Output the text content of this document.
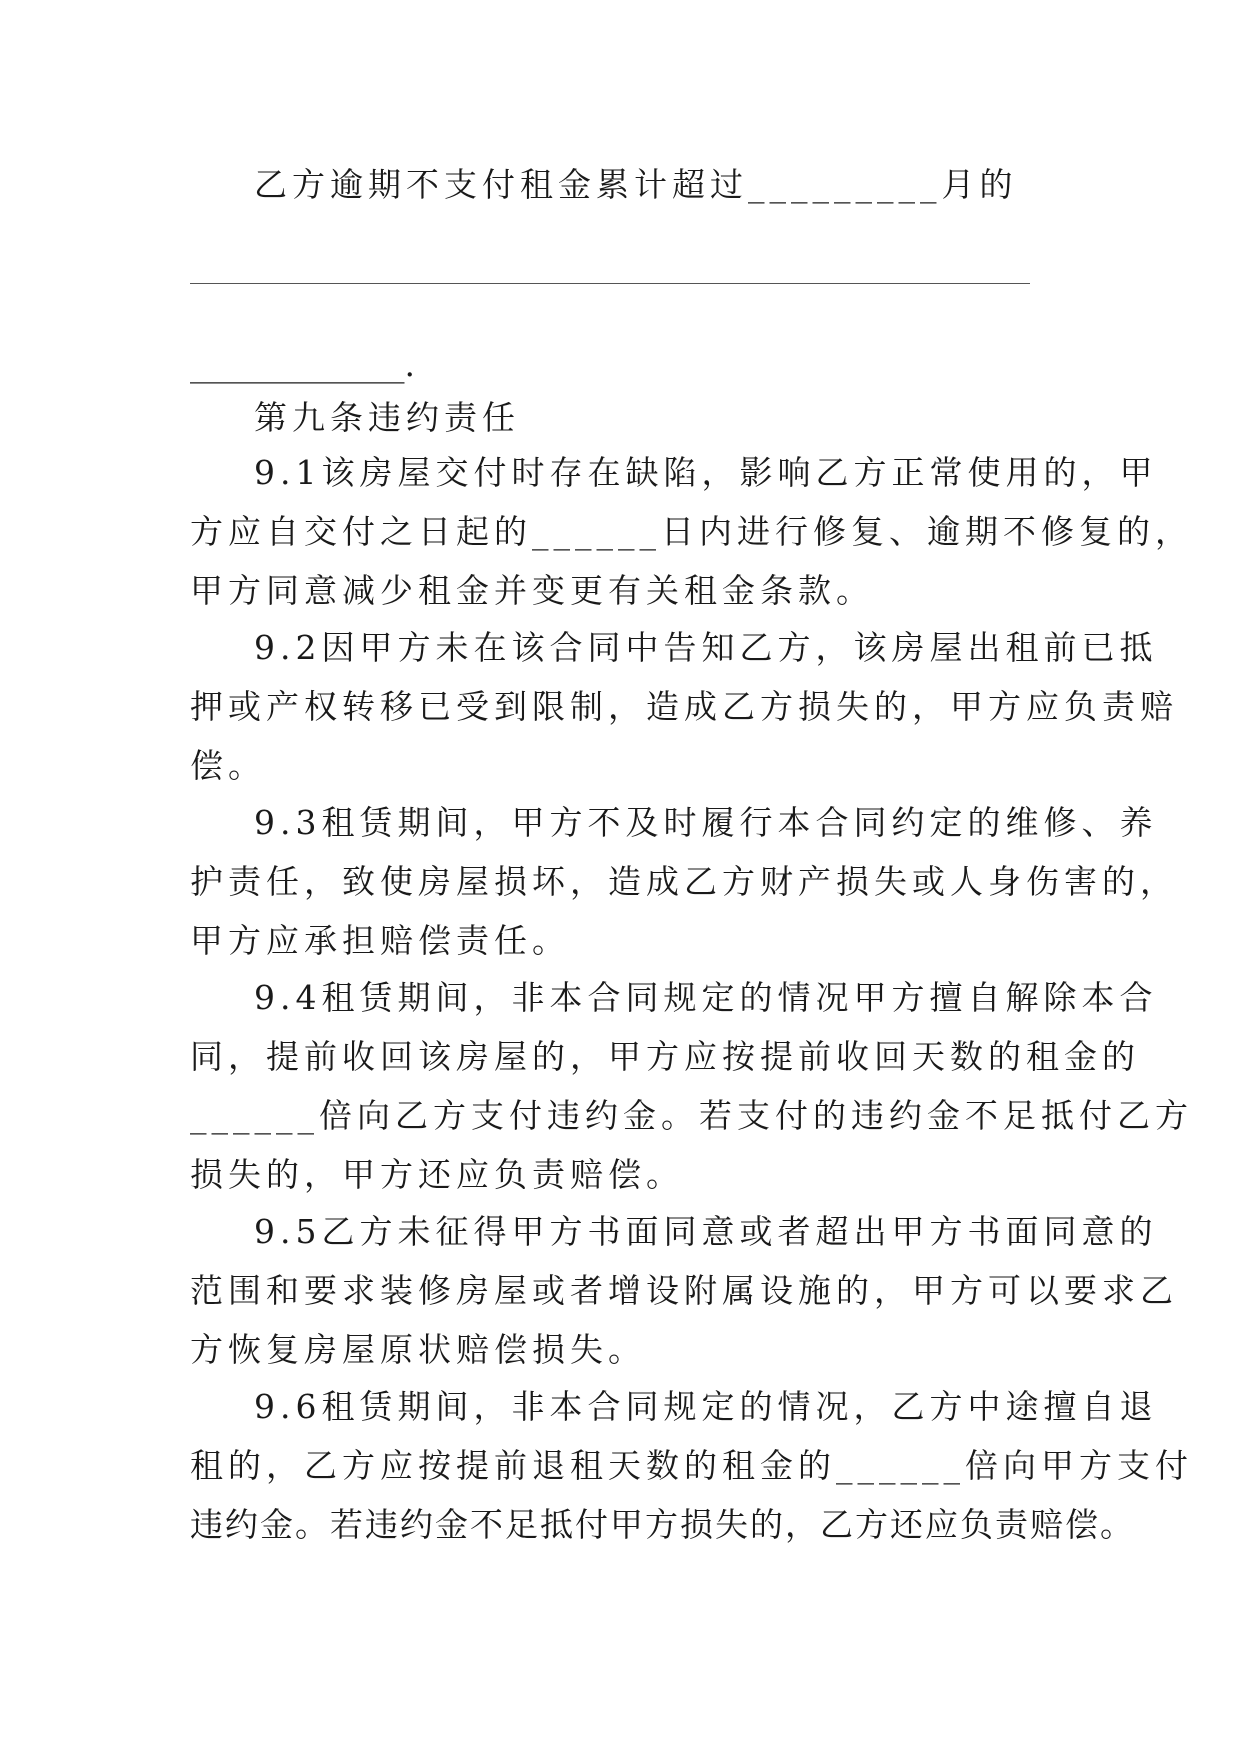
乙方逾期不支付租金累计超过_________月的
_____________.
第九条违约责任
9.1该房屋交付时存在缺陷，影响乙方正常使用的，甲
方应自交付之日起的______日内进行修复、逾期不修复的，
甲方同意减少租金并变更有关租金条款。
9.2因甲方未在该合同中告知乙方，该房屋出租前已抵
押或产权转移已受到限制，造成乙方损失的，甲方应负责赔
偿。
9.3租赁期间，甲方不及时履行本合同约定的维修、养
护责任，致使房屋损坏，造成乙方财产损失或人身伤害的，
甲方应承担赔偿责任。
9.4租赁期间，非本合同规定的情况甲方擅自解除本合
同，提前收回该房屋的，甲方应按提前收回天数的租金的
______倍向乙方支付违约金。若支付的违约金不足抵付乙方
损失的，甲方还应负责赔偿。
9.5乙方未征得甲方书面同意或者超出甲方书面同意的
范围和要求装修房屋或者增设附属设施的，甲方可以要求乙
方恢复房屋原状赔偿损失。
9.6租赁期间，非本合同规定的情况，乙方中途擅自退
租的，乙方应按提前退租天数的租金的______倍向甲方支付
违约金。若违约金不足抵付甲方损失的，乙方还应负责赔偿。
